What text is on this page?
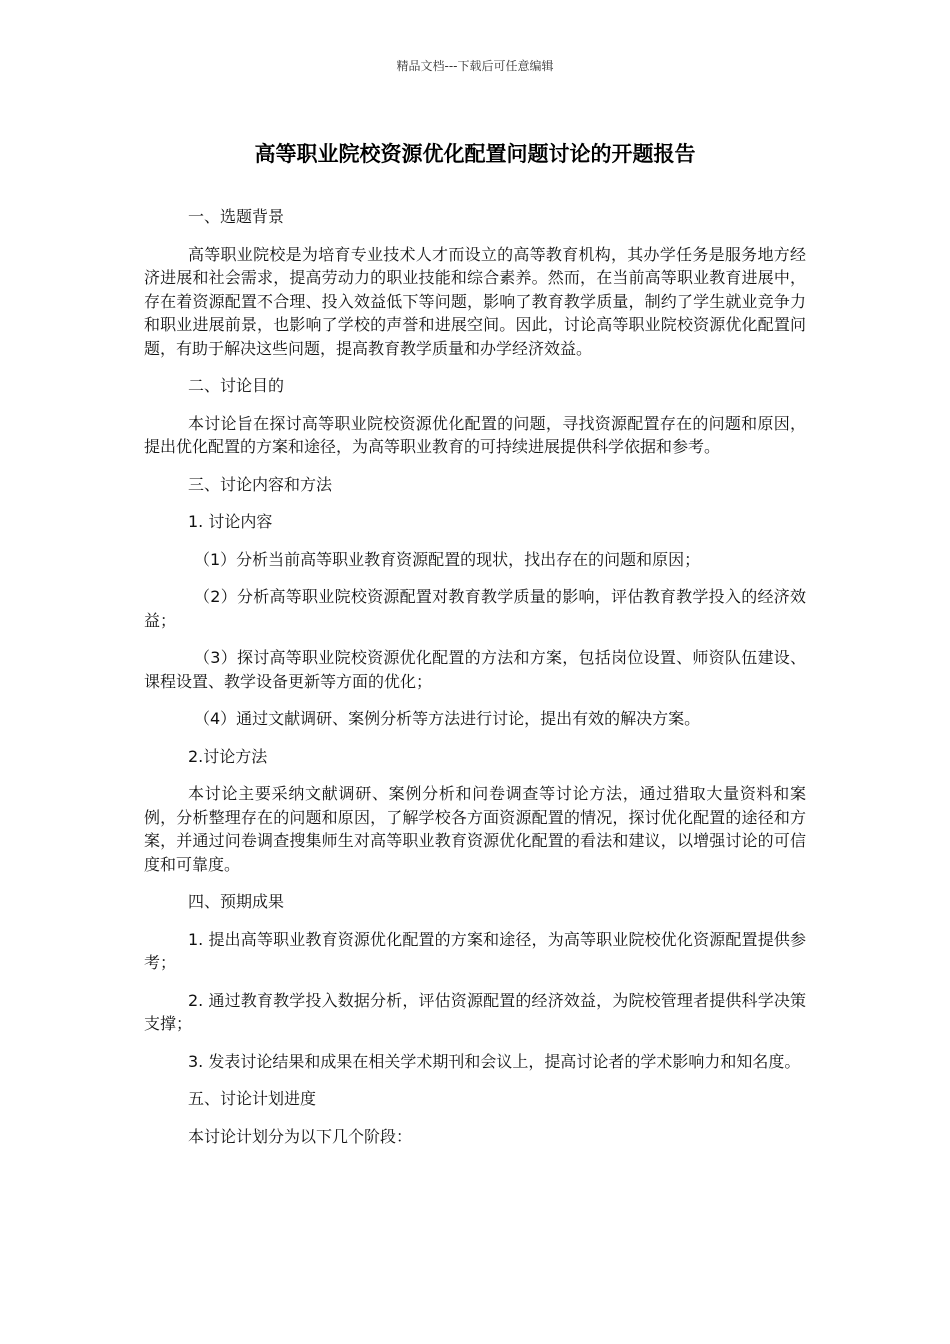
精品文档---下载后可任意编辑
高等职业院校资源优化配置问题讨论的开题报告

一、选题背景

高等职业院校是为培育专业技术人才而设立的高等教育机构，其办学任务是服务地方经济进展和社会需求，提高劳动力的职业技能和综合素养。然而，在当前高等职业教育进展中，存在着资源配置不合理、投入效益低下等问题，影响了教育教学质量，制约了学生就业竞争力和职业进展前景，也影响了学校的声誉和进展空间。因此，讨论高等职业院校资源优化配置问题，有助于解决这些问题，提高教育教学质量和办学经济效益。

二、讨论目的

本讨论旨在探讨高等职业院校资源优化配置的问题，寻找资源配置存在的问题和原因，提出优化配置的方案和途径，为高等职业教育的可持续进展提供科学依据和参考。

三、讨论内容和方法

1. 讨论内容

（1）分析当前高等职业教育资源配置的现状，找出存在的问题和原因；

（2）分析高等职业院校资源配置对教育教学质量的影响，评估教育教学投入的经济效益；

（3）探讨高等职业院校资源优化配置的方法和方案，包括岗位设置、师资队伍建设、课程设置、教学设备更新等方面的优化；

（4）通过文献调研、案例分析等方法进行讨论，提出有效的解决方案。

2.讨论方法

本讨论主要采纳文献调研、案例分析和问卷调查等讨论方法，通过猎取大量资料和案例，分析整理存在的问题和原因，了解学校各方面资源配置的情况，探讨优化配置的途径和方案，并通过问卷调查搜集师生对高等职业教育资源优化配置的看法和建议，以增强讨论的可信度和可靠度。

四、预期成果

1. 提出高等职业教育资源优化配置的方案和途径，为高等职业院校优化资源配置提供参考；

2. 通过教育教学投入数据分析，评估资源配置的经济效益，为院校管理者提供科学决策支撑；

3. 发表讨论结果和成果在相关学术期刊和会议上，提高讨论者的学术影响力和知名度。

五、讨论计划进度

本讨论计划分为以下几个阶段：
